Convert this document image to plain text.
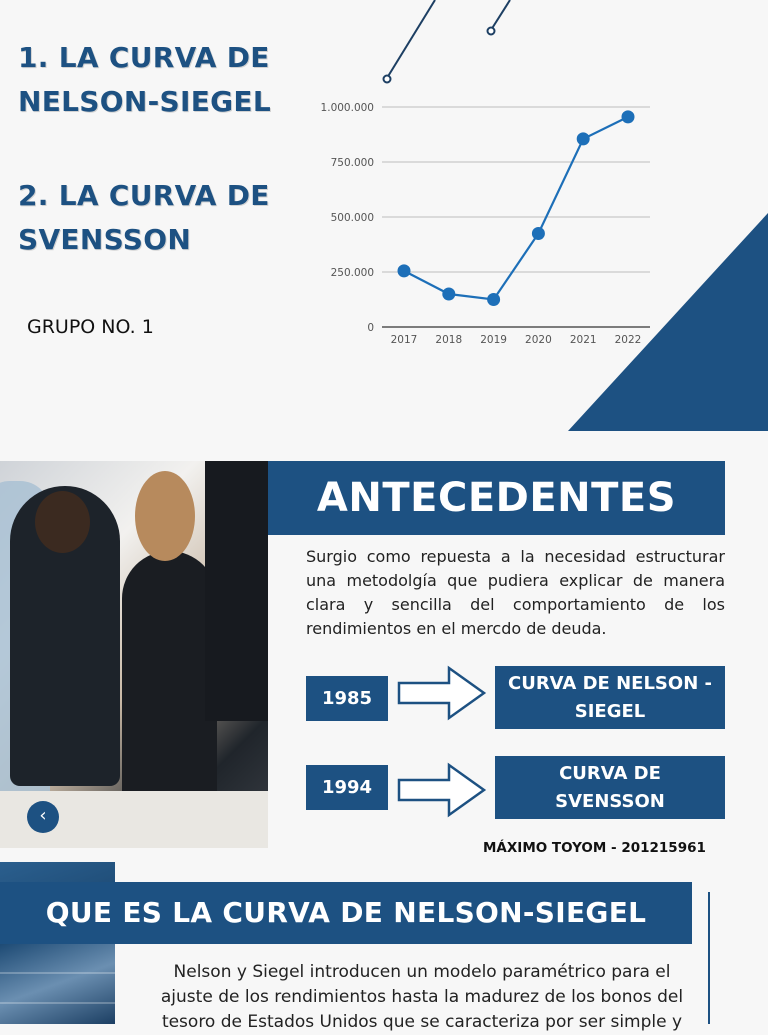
1. LA CURVA DE
NELSON-SIEGEL
2. LA CURVA DE
SVENSSON
GRUPO NO. 1	0
250.000
500.000
750.000
1.000.000
2017 2018 2019 2020 2021 2022
‹
ANTECEDENTES
Surgio como repuesta a la necesidad estructurar una metodolgía que pudiera explicar de manera clara y sencilla del comportamiento de los rendimientos en el mercdo de deuda.
1985
CURVA DE NELSON -
SIEGEL
1994
CURVA DE
SVENSSON
MÁXIMO TOYOM - 201215961
QUE ES LA CURVA DE NELSON-SIEGEL
Nelson y Siegel introducen un modelo paramétrico para el ajuste de los rendimientos hasta la madurez de los bonos del tesoro de Estados Unidos que se caracteriza por ser simple y
